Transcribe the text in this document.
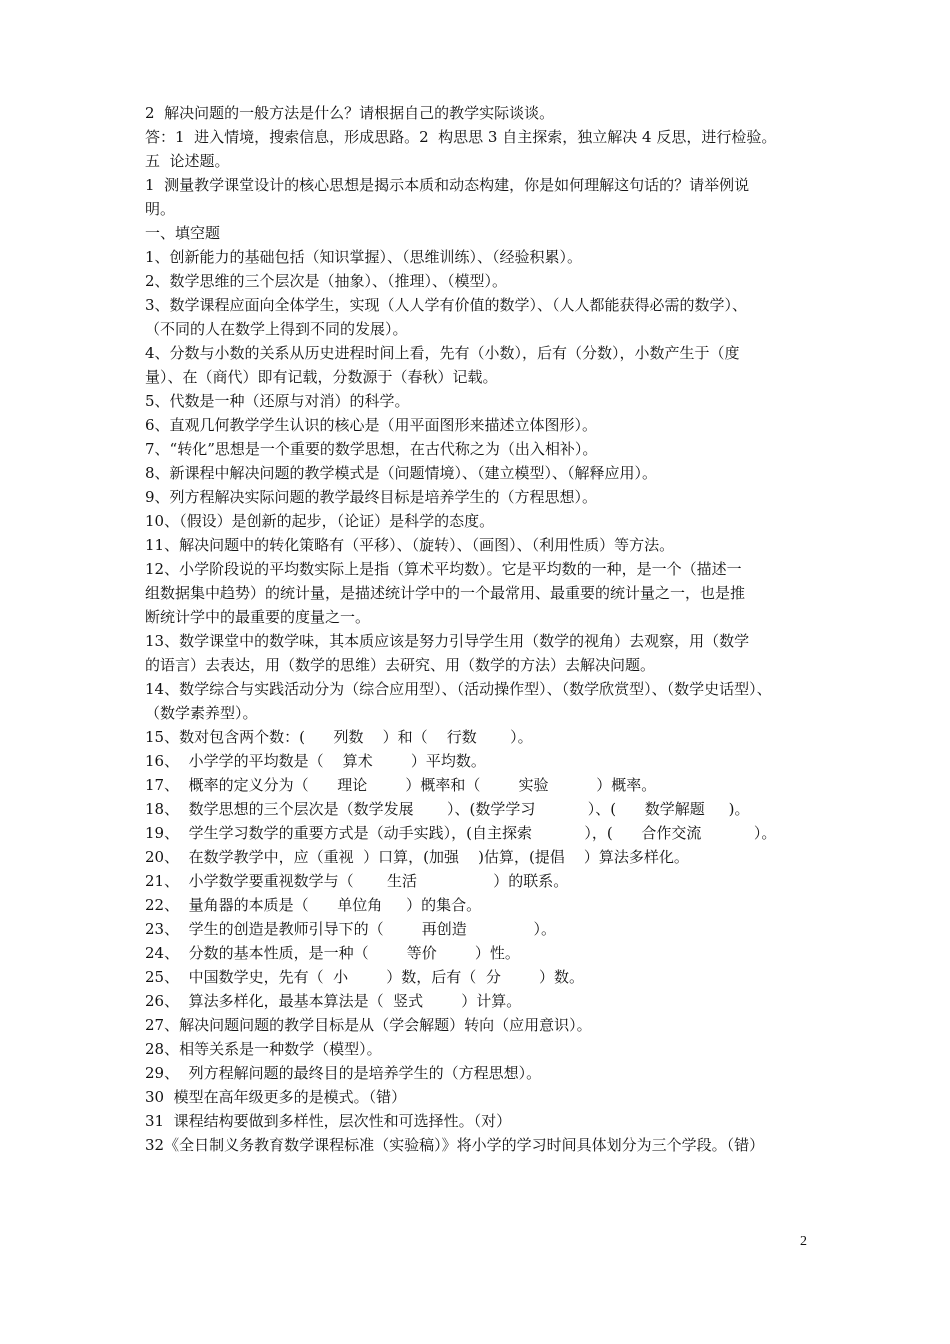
2  解决问题的一般方法是什么？请根据自己的教学实际谈谈。

答：1  进入情境，搜索信息，形成思路。2  构思思 3 自主探索，独立解决 4 反思，进行检验。

五  论述题。

1  测量教学课堂设计的核心思想是揭示本质和动态构建，你是如何理解这句话的？请举例说

明。

一、填空题

1、创新能力的基础包括（知识掌握）、（思维训练）、（经验积累）。

2、数学思维的三个层次是（抽象）、（推理）、（模型）。

3、数学课程应面向全体学生，实现（人人学有价值的数学）、（人人都能获得必需的数学）、

（不同的人在数学上得到不同的发展）。

4、分数与小数的关系从历史进程时间上看，先有（小数），后有（分数），小数产生于（度

量）、在（商代）即有记载，分数源于（春秋）记载。

5、代数是一种（还原与对消）的科学。

6、直观几何教学学生认识的核心是（用平面图形来描述立体图形）。

7、“转化”思想是一个重要的数学思想，在古代称之为（出入相补）。

8、新课程中解决问题的教学模式是（问题情境）、（建立模型）、（解释应用）。

9、列方程解决实际问题的教学最终目标是培养学生的（方程思想）。

10、（假设）是创新的起步，（论证）是科学的态度。

11、解决问题中的转化策略有（平移）、（旋转）、（画图）、（利用性质）等方法。

12、小学阶段说的平均数实际上是指（算术平均数）。它是平均数的一种，是一个（描述一

组数据集中趋势）的统计量，是描述统计学中的一个最常用、最重要的统计量之一，也是推

断统计学中的最重要的度量之一。

13、数学课堂中的数学味，其本质应该是努力引导学生用（数学的视角）去观察，用（数学

的语言）去表达，用（数学的思维）去研究、用（数学的方法）去解决问题。

14、数学综合与实践活动分为（综合应用型）、（活动操作型）、（数学欣赏型）、（数学史话型）、

（数学素养型）。

15、数对包含两个数：(      列数    ）和（    行数       ）。

16、  小学学的平均数是（    算术        ）平均数。

17、  概率的定义分为（      理论        ）概率和（        实验          ）概率。

18、  数学思想的三个层次是（数学发展       ）、(数学学习           ）、(      数学解题     )。

19、  学生学习数学的重要方式是（动手实践），(自主探索           ），(      合作交流           ）。

20、  在数学教学中，应（重视  ）口算，(加强    )估算，(提倡    ）算法多样化。

21、  小学数学要重视数学与（       生活                ）的联系。

22、  量角器的本质是（      单位角     ）的集合。

23、  学生的创造是教师引导下的（        再创造              ）。

24、  分数的基本性质，是一种（        等价        ）性。

25、  中国数学史，先有（  小        ）数，后有（  分        ）数。

26、  算法多样化，最基本算法是（  竖式        ）计算。

27、解决问题问题的教学目标是从（学会解题）转向（应用意识）。

28、相等关系是一种数学（模型）。

29、  列方程解问题的最终目的是培养学生的（方程思想）。

30  模型在高年级更多的是模式。（错）

31  课程结构要做到多样性，层次性和可选择性。（对）

32《全日制义务教育数学课程标准（实验稿）》将小学的学习时间具体划分为三个学段。（错）

2
